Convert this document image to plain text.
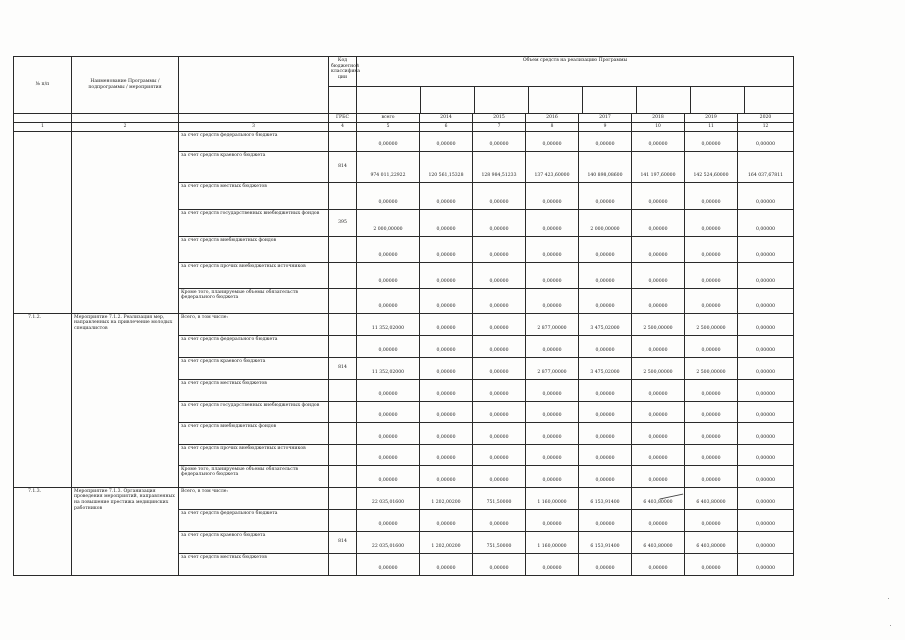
№ п/п	Наименование Программы / подпрограммы / мероприятия		Код бюджетной классифика ции	Объем средств на реализацию Программы							

			ГРБС	всего	2014	2015	2016	2017	2018	2019	2020
1	2	3	4	5	6	7	8	9	10	11	12
		за счет средств федерального бюджета		0,00000	0,00000	0,00000	0,00000	0,00000	0,00000	0,00000	0,00000
		за счет средств краевого бюджета	814	974 011,22922	120 561,15328	128 984,51233	137 423,60000	140 898,08600	141 197,60000	142 524,60000	164 037,67811
		за счет средств местных бюджетов		0,00000	0,00000	0,00000	0,00000	0,00000	0,00000	0,00000	0,00000
		за счет средств государственных внебюджетных фондов	395	2 000,00000	0,00000	0,00000	0,00000	2 000,00000	0,00000	0,00000	0,00000
		за счет средств внебюджетных фондов		0,00000	0,00000	0,00000	0,00000	0,00000	0,00000	0,00000	0,00000
		за счет средств прочих внебюджетных источников		0,00000	0,00000	0,00000	0,00000	0,00000	0,00000	0,00000	0,00000
		Кроме того, планируемые объемы обязательств федерального бюджета		0,00000	0,00000	0,00000	0,00000	0,00000	0,00000	0,00000	0,00000
7.1.2.	Мероприятие 7.1.2. Реализация мер, направленных на привлечение молодых специалистов	Всего, в том числе:		11 352,02000	0,00000	0,00000	2 877,00000	3 475,02000	2 500,00000	2 500,00000	0,00000
		за счет средств федерального бюджета		0,00000	0,00000	0,00000	0,00000	0,00000	0,00000	0,00000	0,00000
		за счет средств краевого бюджета	814	11 352,02000	0,00000	0,00000	2 877,00000	3 475,02000	2 500,00000	2 500,00000	0,00000
		за счет средств местных бюджетов		0,00000	0,00000	0,00000	0,00000	0,00000	0,00000	0,00000	0,00000
		за счет средств государственных внебюджетных фондов		0,00000	0,00000	0,00000	0,00000	0,00000	0,00000	0,00000	0,00000
		за счет средств внебюджетных фондов		0,00000	0,00000	0,00000	0,00000	0,00000	0,00000	0,00000	0,00000
		за счет средств прочих внебюджетных источников		0,00000	0,00000	0,00000	0,00000	0,00000	0,00000	0,00000	0,00000
		Кроме того, планируемые объемы обязательств федерального бюджета		0,00000	0,00000	0,00000	0,00000	0,00000	0,00000	0,00000	0,00000
7.1.3.	Мероприятие 7.1.3. Организация проведения мероприятий, направленных на повышение престижа медицинских работников	Всего, в том числе:		22 035,01600	1 202,00200	751,50000	1 160,00000	6 153,91400	6 403,80000	6 403,80000	0,00000
		за счет средств федерального бюджета		0,00000	0,00000	0,00000	0,00000	0,00000	0,00000	0,00000	0,00000
		за счет средств краевого бюджета	814	22 035,01600	1 202,00200	751,50000	1 160,00000	6 153,91400	6 403,80000	6 403,80000	0,00000
		за счет средств местных бюджетов		0,00000	0,00000	0,00000	0,00000	0,00000	0,00000	0,00000	0,00000
